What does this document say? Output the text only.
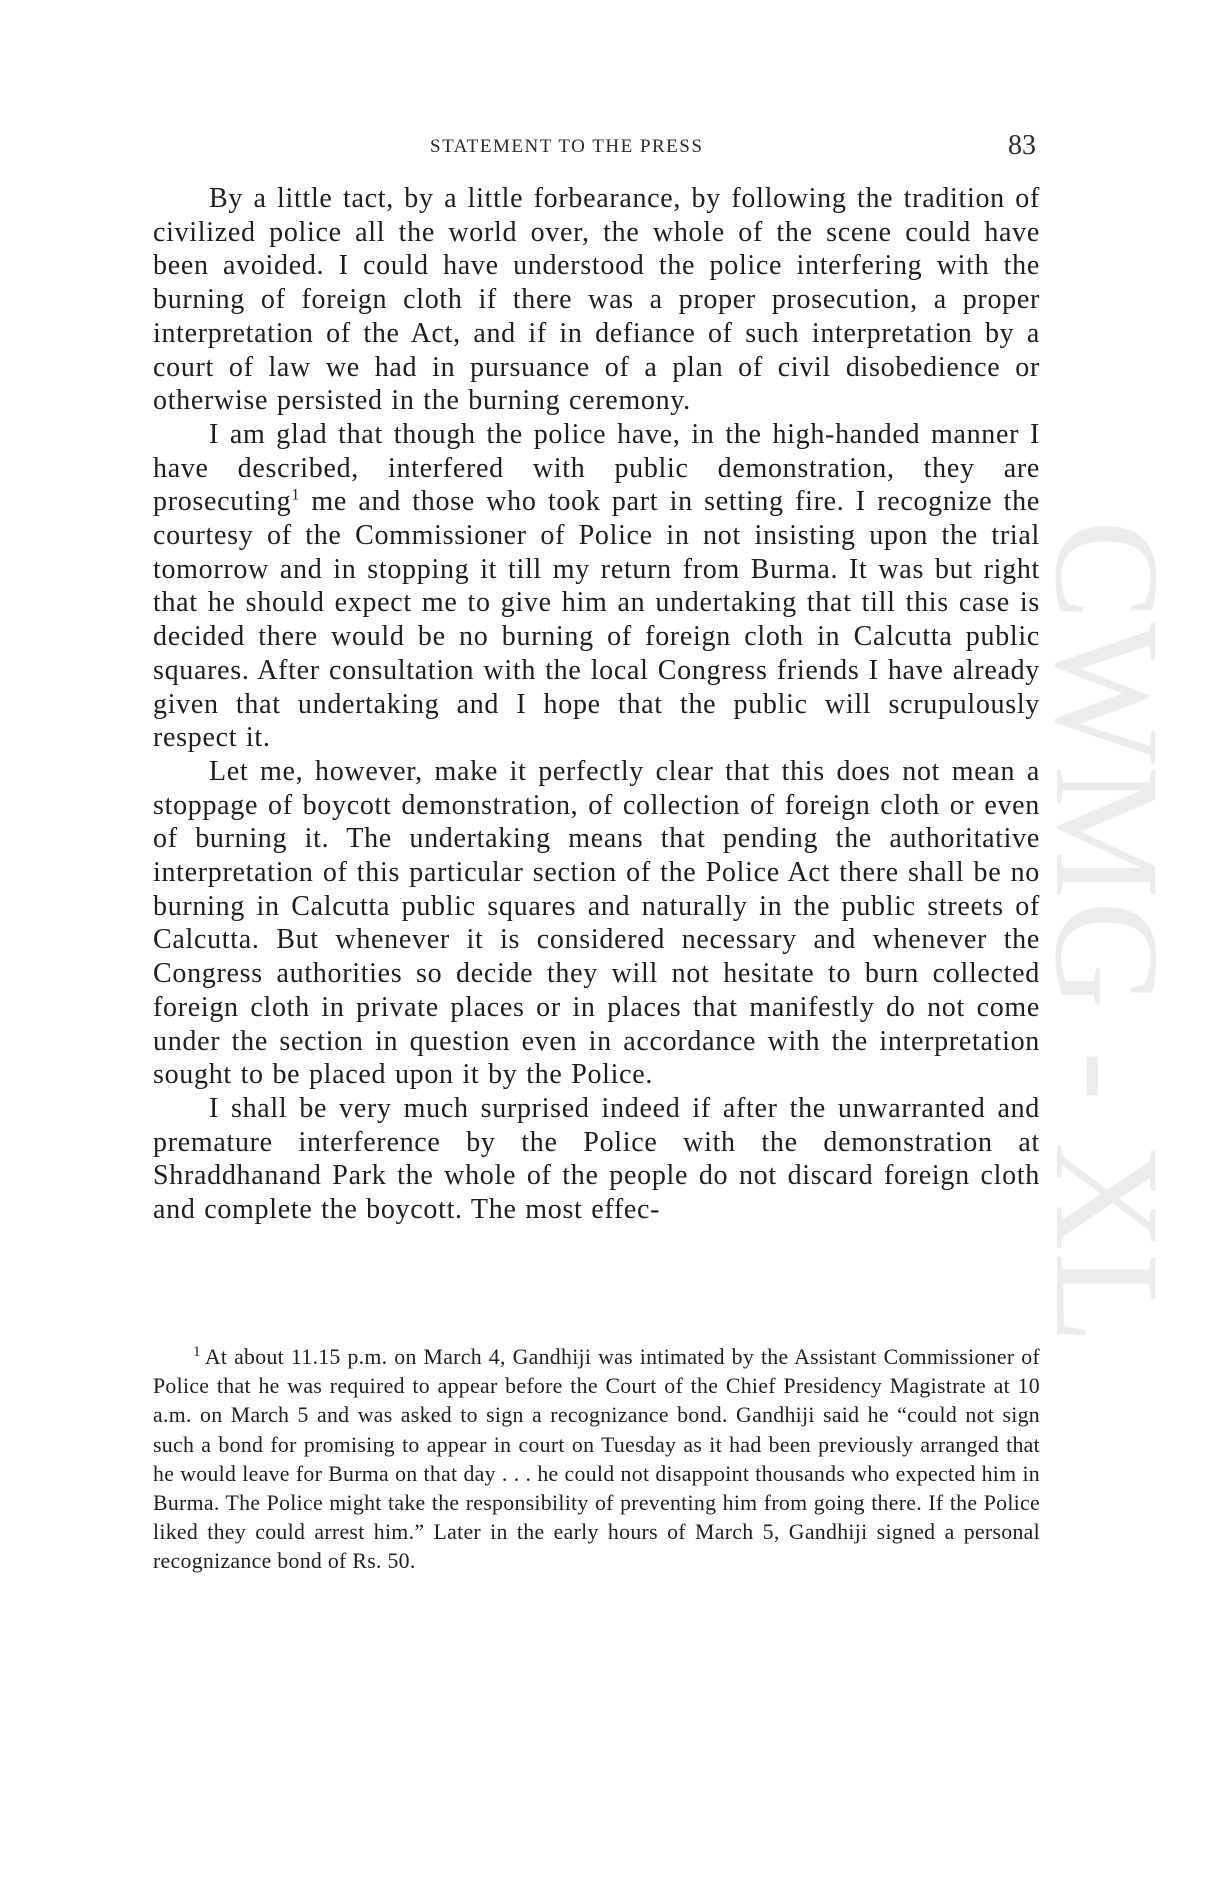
CWMG - XL
STATEMENT TO THE PRESS	83

By a little tact, by a little forbearance, by following the tradition of civilized police all the world over, the whole of the scene could have been avoided. I could have understood the police interfering with the burning of foreign cloth if there was a proper prosecution, a proper interpretation of the Act, and if in defiance of such interpretation by a court of law we had in pursuance of a plan of civil disobedience or otherwise persisted in the burning ceremony.

I am glad that though the police have, in the high-handed manner I have described, interfered with public demonstration, they are prosecuting$^1$ me and those who took part in setting fire. I recognize the courtesy of the Commissioner of Police in not insisting upon the trial tomorrow and in stopping it till my return from Burma. It was but right that he should expect me to give him an undertaking that till this case is decided there would be no burning of foreign cloth in Calcutta public squares. After consultation with the local Congress friends I have already given that undertaking and I hope that the public will scrupulously respect it.

Let me, however, make it perfectly clear that this does not mean a stoppage of boycott demonstration, of collection of foreign cloth or even of burning it. The undertaking means that pending the authoritative interpretation of this particular section of the Police Act there shall be no burning in Calcutta public squares and naturally in the public streets of Calcutta. But whenever it is considered necessary and whenever the Congress authorities so decide they will not hesitate to burn collected foreign cloth in private places or in places that manifestly do not come under the section in question even in accordance with the interpretation sought to be placed upon it by the Police.

I shall be very much surprised indeed if after the unwarranted and premature interference by the Police with the demonstration at Shraddhanand Park the whole of the people do not discard foreign cloth and complete the boycott. The most effec-

$^1$ At about 11.15 p.m. on March 4, Gandhiji was intimated by the Assistant Commissioner of Police that he was required to appear before the Court of the Chief Presidency Magistrate at 10 a.m. on March 5 and was asked to sign a recognizance bond. Gandhiji said he “could not sign such a bond for promising to appear in court on Tuesday as it had been previously arranged that he would leave for Burma on that day . . . he could not disappoint thousands who expected him in Burma. The Police might take the responsibility of preventing him from going there. If the Police liked they could arrest him.” Later in the early hours of March 5, Gandhiji signed a personal recognizance bond of Rs. 50.
